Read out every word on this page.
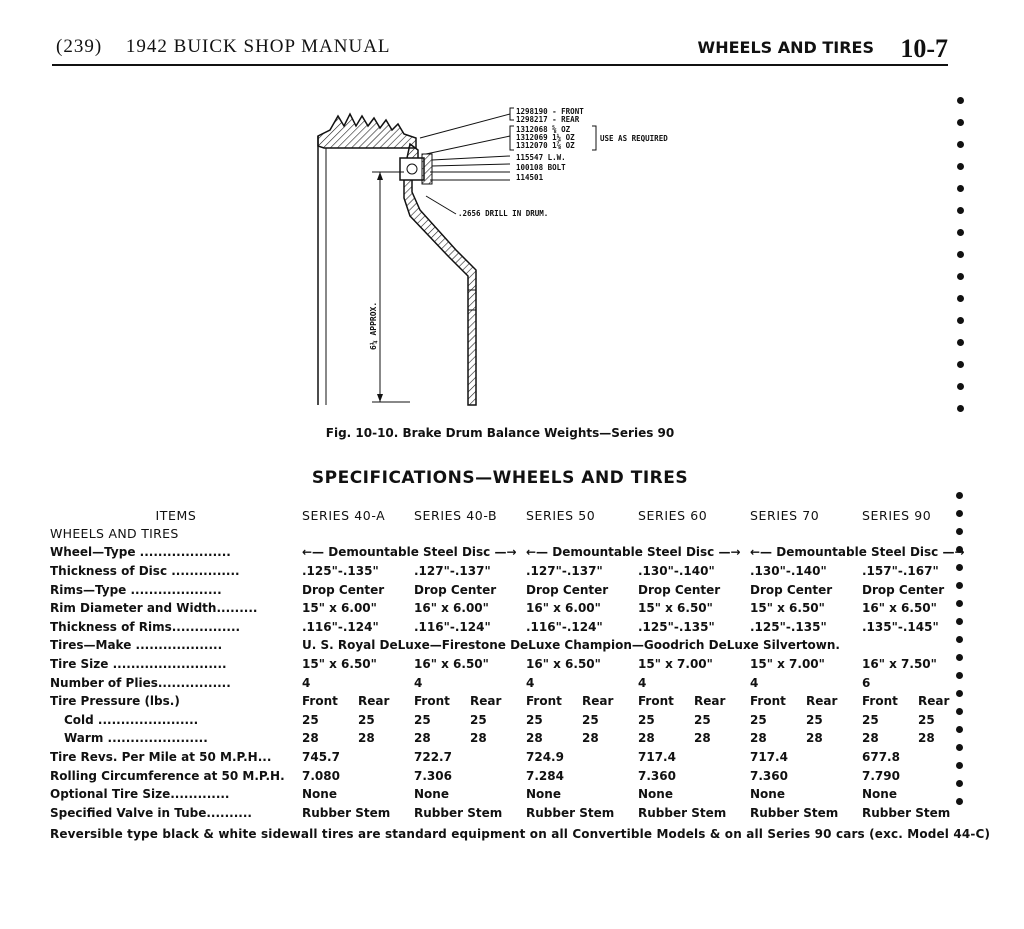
(239) 1942 BUICK SHOP MANUAL	WHEELS AND TIRES 10-7
1298190 - FRONT
1298217 - REAR
1312068 ⅝ OZ
1312069 1¼ OZ
1312070 1⅞ OZ
USE AS REQUIRED
115547 L.W.
100108 BOLT
114501
.2656 DRILL IN DRUM.
6¼ APPROX.
Fig. 10-10. Brake Drum Balance Weights—Series 90
SPECIFICATIONS—WHEELS AND TIRES
ITEMS	SERIES 40-A		SERIES 40-B		SERIES 50		SERIES 60		SERIES 70		SERIES 90	
WHEELS AND TIRES												
Wheel—Type ....................	←— Demountable Steel Disc —→				←— Demountable Steel Disc —→				←— Demountable Steel Disc —→			
Thickness of Disc ...............	.125"-.135"		.127"-.137"		.127"-.137"		.130"-.140"		.130"-.140"		.157"-.167"	
Rims—Type ....................	Drop Center		Drop Center		Drop Center		Drop Center		Drop Center		Drop Center	
Rim Diameter and Width.........	15" x 6.00"		16" x 6.00"		16" x 6.00"		15" x 6.50"		15" x 6.50"		16" x 6.50"	
Thickness of Rims...............	.116"-.124"		.116"-.124"		.116"-.124"		.125"-.135"		.125"-.135"		.135"-.145"	
Tires—Make ...................	U. S. Royal DeLuxe—Firestone DeLuxe Champion—Goodrich DeLuxe Silvertown.											
Tire Size .........................	15" x 6.50"		16" x 6.50"		16" x 6.50"		15" x 7.00"		15" x 7.00"		16" x 7.50"	
Number of Plies................	4		4		4		4		4		6	
Tire Pressure (lbs.)	Front	Rear	Front	Rear	Front	Rear	Front	Rear	Front	Rear	Front	Rear
Cold ......................	25	25	25	25	25	25	25	25	25	25	25	25
Warm ......................	28	28	28	28	28	28	28	28	28	28	28	28
Tire Revs. Per Mile at 50 M.P.H...	745.7		722.7		724.9		717.4		717.4		677.8	
Rolling Circumference at 50 M.P.H.	7.080		7.306		7.284		7.360		7.360		7.790	
Optional Tire Size.............	None		None		None		None		None		None	
Specified Valve in Tube..........	Rubber Stem		Rubber Stem		Rubber Stem		Rubber Stem		Rubber Stem		Rubber Stem	
Reversible type black & white sidewall tires are standard equipment on all Convertible Models & on all Series 90 cars (exc. Model 44-C)
